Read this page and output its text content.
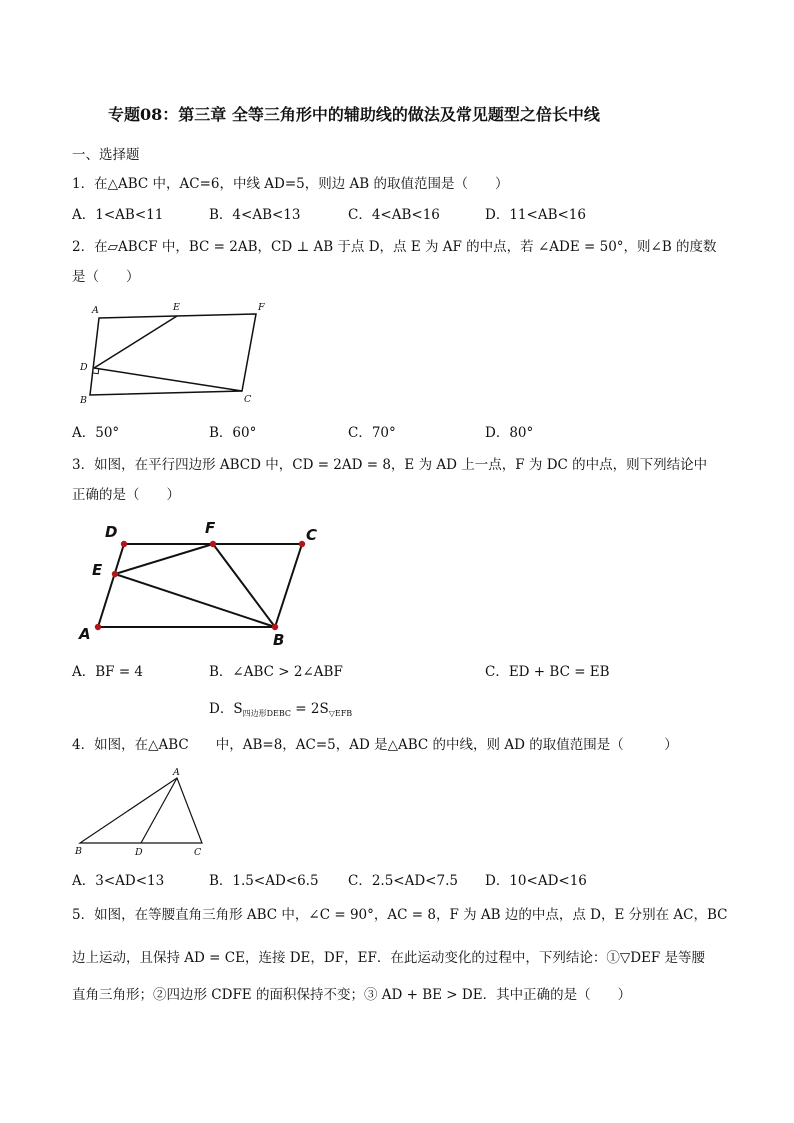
专题08：第三章 全等三角形中的辅助线的做法及常见题型之倍长中线
一、选择题
1．在△ABC 中，AC=6，中线 AD=5，则边 AB 的取值范围是（　　）
A．1<AB<11	B．4<AB<13	C．4<AB<16	D．11<AB<16
2．在▱ABCF 中，BC = 2AB，CD ⊥ AB 于点 D，点 E 为 AF 的中点，若 ∠ADE = 50°，则∠B 的度数
是（　　）
A	E	F
D
B	C
A．50°	B．60°	C．70°	D．80°
3．如图，在平行四边形 ABCD 中，CD = 2AD = 8，E 为 AD 上一点，F 为 DC 的中点，则下列结论中
正确的是（　　）
D	F	C
E
A	B
A．BF = 4	B．∠ABC > 2∠ABF	C．ED + BC = EB
D．$S_{四边形DEBC} = 2S_{▽EFB}$
4．如图，在△ABC　　中，AB=8，AC=5，AD 是△ABC 的中线，则 AD 的取值范围是（　　　）
A
B	D	C
A．3<AD<13	B．1.5<AD<6.5 C．2.5<AD<7.5 D．10<AD<16
5．如图，在等腰直角三角形 ABC 中，∠C = 90°，AC = 8，F 为 AB 边的中点，点 D，E 分别在 AC，BC
边上运动，且保持 AD = CE，连接 DE，DF，EF．在此运动变化的过程中，下列结论：①▽DEF 是等腰
直角三角形；②四边形 CDFE 的面积保持不变；③ AD + BE > DE．其中正确的是（　　）
